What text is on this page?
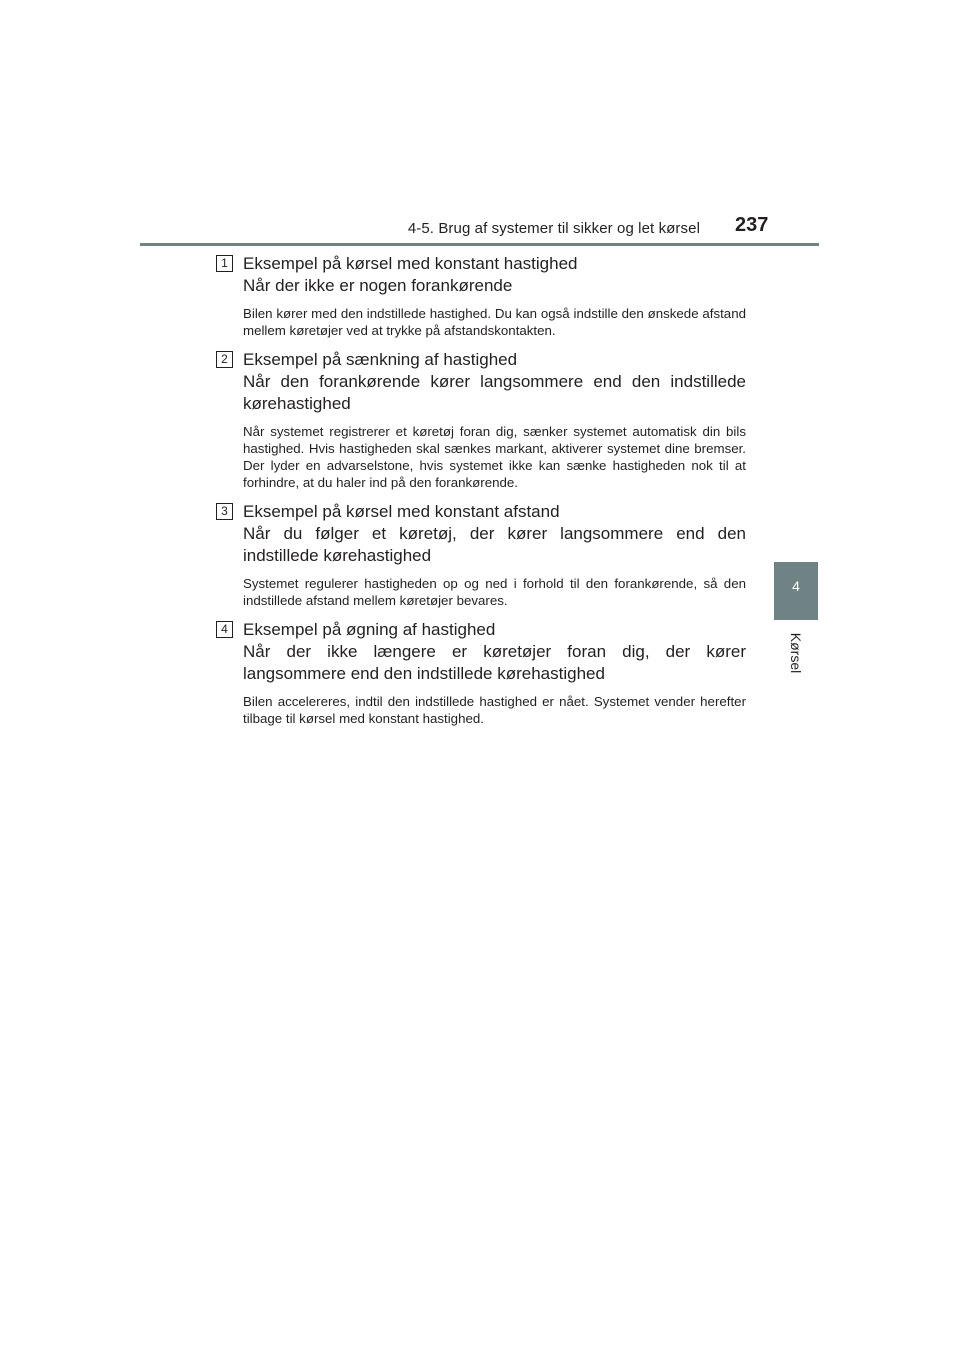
4-5. Brug af systemer til sikker og let kørsel 237
4
Kørsel
1 Eksempel på kørsel med konstant hastighed
Når der ikke er nogen forankørende
Bilen kører med den indstillede hastighed. Du kan også indstille den ønskede afstand mellem køretøjer ved at trykke på afstandskontakten.
2 Eksempel på sænkning af hastighed
Når den forankørende kører langsommere end den indstillede kørehastighed
Når systemet registrerer et køretøj foran dig, sænker systemet automatisk din bils hastighed. Hvis hastigheden skal sænkes markant, aktiverer systemet dine bremser. Der lyder en advarselstone, hvis systemet ikke kan sænke hastigheden nok til at forhindre, at du haler ind på den forankørende.
3 Eksempel på kørsel med konstant afstand
Når du følger et køretøj, der kører langsommere end den indstillede kørehastighed
Systemet regulerer hastigheden op og ned i forhold til den forankørende, så den indstillede afstand mellem køretøjer bevares.
4 Eksempel på øgning af hastighed
Når der ikke længere er køretøjer foran dig, der kører langsommere end den indstillede kørehastighed
Bilen accelereres, indtil den indstillede hastighed er nået. Systemet vender herefter tilbage til kørsel med konstant hastighed.
